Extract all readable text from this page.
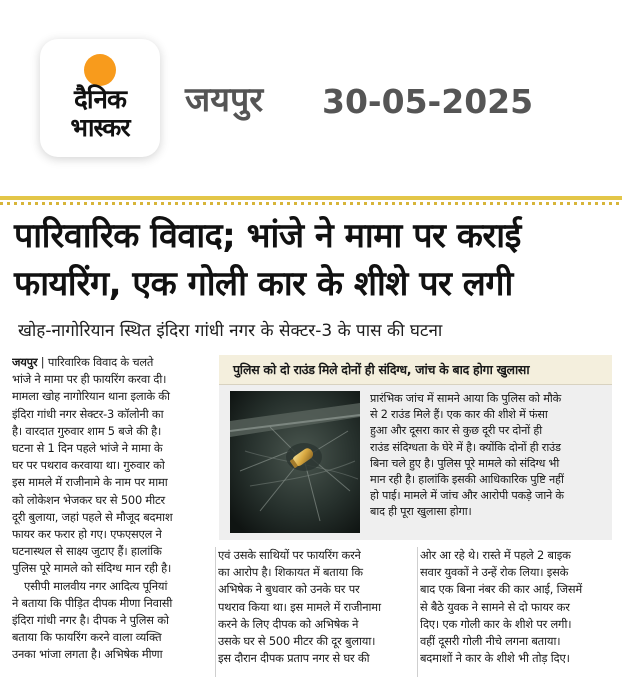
दैनिक
भास्कर
जयपुर 30-05-2025
पारिवारिक विवाद; भांजे ने मामा पर कराई
फायरिंग, एक गोली कार के शीशे पर लगी
खोह-नागोरियान स्थित इंदिरा गांधी नगर के सेक्टर-3 के पास की घटना
जयपुर | पारिवारिक विवाद के चलते
भांजे ने मामा पर ही फायरिंग करवा दी।
मामला खोह नागोरियान थाना इलाके की
इंदिरा गांधी नगर सेक्टर-3 कॉलोनी का
है। वारदात गुरुवार शाम 5 बजे की है।
घटना से 1 दिन पहले भांजे ने मामा के
घर पर पथराव करवाया था। गुरुवार को
इस मामले में राजीनामे के नाम पर मामा
को लोकेशन भेजकर घर से 500 मीटर
दूरी बुलाया, जहां पहले से मौजूद बदमाश
फायर कर फरार हो गए। एफएसएल ने
घटनास्थल से साक्ष्य जुटाए हैं। हालांकि
पुलिस पूरे मामले को संदिग्ध मान रही है।
एसीपी मालवीय नगर आदित्य पूनियां
ने बताया कि पीड़ित दीपक मीणा निवासी
इंदिरा गांधी नगर है। दीपक ने पुलिस को
बताया कि फायरिंग करने वाला व्यक्ति
उनका भांजा लगता है। अभिषेक मीणा
पुलिस को दो राउंड मिले दोनों ही संदिग्ध, जांच के बाद होगा खुलासा
प्रारंभिक जांच में सामने आया कि पुलिस को मौके
से 2 राउंड मिले हैं। एक कार की शीशे में फंसा
हुआ और दूसरा कार से कुछ दूरी पर दोनों ही
राउंड संदिग्धता के घेरे में है। क्योंकि दोनों ही राउंड
बिना चले हुए है। पुलिस पूरे मामले को संदिग्ध भी
मान रही है। हालांकि इसकी आधिकारिक पुष्टि नहीं
हो पाई। मामले में जांच और आरोपी पकड़े जाने के
बाद ही पूरा खुलासा होगा।
एवं उसके साथियों पर फायरिंग करने
का आरोप है। शिकायत में बताया कि
अभिषेक ने बुधवार को उनके घर पर
पथराव किया था। इस मामले में राजीनामा
करने के लिए दीपक को अभिषेक ने
उसके घर से 500 मीटर की दूर बुलाया।
इस दौरान दीपक प्रताप नगर से घर की
ओर आ रहे थे। रास्ते में पहले 2 बाइक
सवार युवकों ने उन्हें रोक लिया। इसके
बाद एक बिना नंबर की कार आई, जिसमें
से बैठे युवक ने सामने से दो फायर कर
दिए। एक गोली कार के शीशे पर लगी।
वहीं दूसरी गोली नीचे लगना बताया।
बदमाशों ने कार के शीशे भी तोड़ दिए।
